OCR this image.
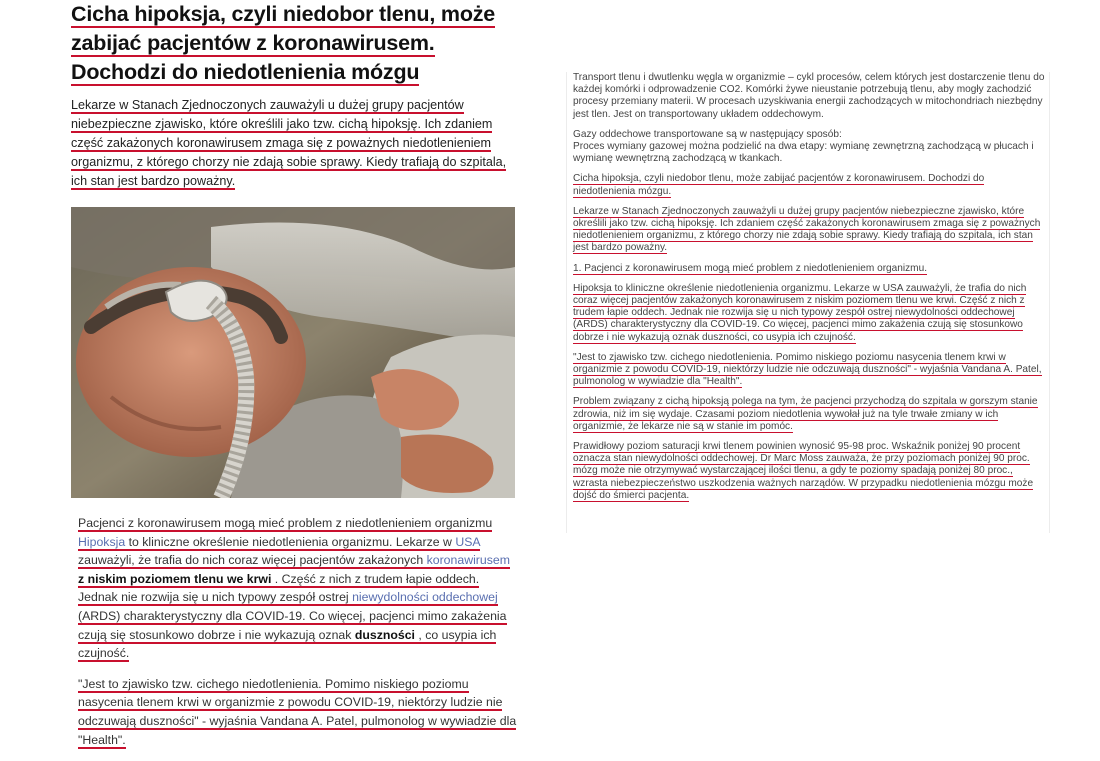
Cicha hipoksja, czyli niedobor tlenu, może
zabijać pacjentów z koronawirusem.
Dochodzi do niedotlenienia mózgu
Lekarze w Stanach Zjednoczonych zauważyli u dużej grupy pacjentów niebezpieczne zjawisko, które określili jako tzw. cichą hipoksję. Ich zdaniem część zakażonych koronawirusem zmaga się z poważnych niedotlenieniem organizmu, z którego chorzy nie zdają sobie sprawy. Kiedy trafiają do szpitala, ich stan jest bardzo poważny.

Pacjenci z koronawirusem mogą mieć problem z niedotlenieniem organizmu
Hipoksja to kliniczne określenie niedotlenienia organizmu. Lekarze w USA zauważyli, że trafia do nich coraz więcej pacjentów zakażonych koronawirusem z niskim poziomem tlenu we krwi . Część z nich z trudem łapie oddech. Jednak nie rozwija się u nich typowy zespół ostrej niewydolności oddechowej (ARDS) charakterystyczny dla COVID-19. Co więcej, pacjenci mimo zakażenia czują się stosunkowo dobrze i nie wykazują oznak duszności , co usypia ich czujność.

"Jest to zjawisko tzw. cichego niedotlenienia. Pomimo niskiego poziomu nasycenia tlenem krwi w organizmie z powodu COVID-19, niektórzy ludzie nie odczuwają duszności" - wyjaśnia Vandana A. Patel, pulmonolog w wywiadzie dla "Health".

Transport tlenu i dwutlenku węgla w organizmie – cykl procesów, celem których jest dostarczenie tlenu do każdej komórki i odprowadzenie CO2. Komórki żywe nieustanie potrzebują tlenu, aby mogły zachodzić procesy przemiany materii. W procesach uzyskiwania energii zachodzących w mitochondriach niezbędny jest tlen. Jest on transportowany układem oddechowym.

Gazy oddechowe transportowane są w następujący sposób:

Proces wymiany gazowej można podzielić na dwa etapy: wymianę zewnętrzną zachodzącą w płucach i wymianę wewnętrzną zachodzącą w tkankach.

Cicha hipoksja, czyli niedobor tlenu, może zabijać pacjentów z koronawirusem. Dochodzi do niedotlenienia mózgu.

Lekarze w Stanach Zjednoczonych zauważyli u dużej grupy pacjentów niebezpieczne zjawisko, które określili jako tzw. cichą hipoksję. Ich zdaniem część zakażonych koronawirusem zmaga się z poważnych niedotlenieniem organizmu, z którego chorzy nie zdają sobie sprawy. Kiedy trafiają do szpitala, ich stan jest bardzo poważny.

1. Pacjenci z koronawirusem mogą mieć problem z niedotlenieniem organizmu.

Hipoksja to kliniczne określenie niedotlenienia organizmu. Lekarze w USA zauważyli, że trafia do nich coraz więcej pacjentów zakażonych koronawirusem z niskim poziomem tlenu we krwi. Część z nich z trudem łapie oddech. Jednak nie rozwija się u nich typowy zespół ostrej niewydolności oddechowej (ARDS) charakterystyczny dla COVID-19. Co więcej, pacjenci mimo zakażenia czują się stosunkowo dobrze i nie wykazują oznak duszności, co usypia ich czujność.

"Jest to zjawisko tzw. cichego niedotlenienia. Pomimo niskiego poziomu nasycenia tlenem krwi w organizmie z powodu COVID-19, niektórzy ludzie nie odczuwają duszności" - wyjaśnia Vandana A. Patel, pulmonolog w wywiadzie dla "Health".

Problem związany z cichą hipoksją polega na tym, że pacjenci przychodzą do szpitala w gorszym stanie zdrowia, niż im się wydaje. Czasami poziom niedotlenia wywołał już na tyle trwałe zmiany w ich organizmie, że lekarze nie są w stanie im pomóc.

Prawidłowy poziom saturacji krwi tlenem powinien wynosić 95-98 proc. Wskaźnik poniżej 90 procent oznacza stan niewydolności oddechowej. Dr Marc Moss zauważa, że przy poziomach poniżej 90 proc. mózg może nie otrzymywać wystarczającej ilości tlenu, a gdy te poziomy spadają poniżej 80 proc., wzrasta niebezpieczeństwo uszkodzenia ważnych narządów. W przypadku niedotlenienia mózgu może dojść do śmierci pacjenta.
